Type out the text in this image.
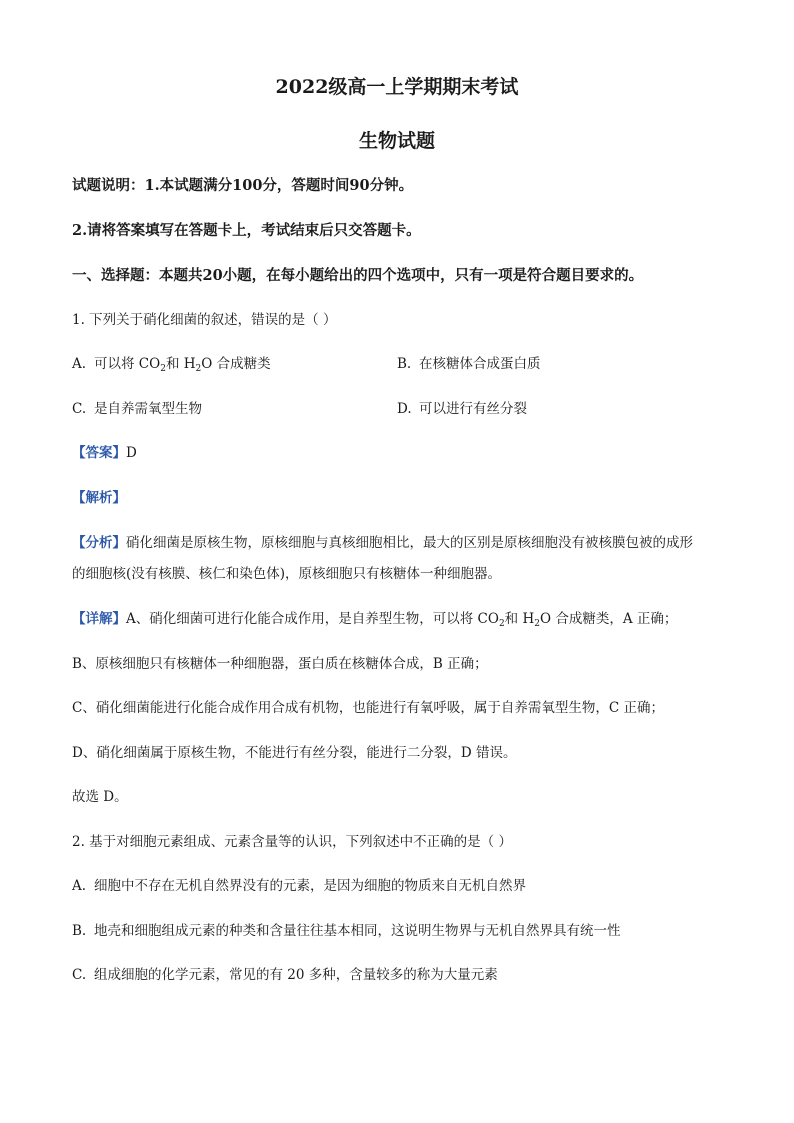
2022级高一上学期期末考试
生物试题
试题说明：1.本试题满分100分，答题时间90分钟。
2.请将答案填写在答题卡上，考试结束后只交答题卡。
一、选择题：本题共20小题，在每小题给出的四个选项中，只有一项是符合题目要求的。
1. 下列关于硝化细菌的叙述，错误的是（ ）
A. 可以将 $CO_2$和 $H_2O$ 合成糖类	B. 在核糖体合成蛋白质
C. 是自养需氧型生物	D. 可以进行有丝分裂
【答案】D
【解析】
【分析】硝化细菌是原核生物，原核细胞与真核细胞相比，最大的区别是原核细胞没有被核膜包被的成形
的细胞核(没有核膜、核仁和染色体)，原核细胞只有核糖体一种细胞器。
【详解】A、硝化细菌可进行化能合成作用，是自养型生物，可以将 $CO_2$和 $H_2O$ 合成糖类，A 正确；
B、原核细胞只有核糖体一种细胞器，蛋白质在核糖体合成，B 正确；
C、硝化细菌能进行化能合成作用合成有机物，也能进行有氧呼吸，属于自养需氧型生物，C 正确；
D、硝化细菌属于原核生物，不能进行有丝分裂，能进行二分裂，D 错误。
故选 D。
2. 基于对细胞元素组成、元素含量等的认识，下列叙述中不正确的是（ ）
A. 细胞中不存在无机自然界没有的元素，是因为细胞的物质来自无机自然界
B. 地壳和细胞组成元素的种类和含量往往基本相同，这说明生物界与无机自然界具有统一性
C. 组成细胞的化学元素，常见的有 20 多种，含量较多的称为大量元素
